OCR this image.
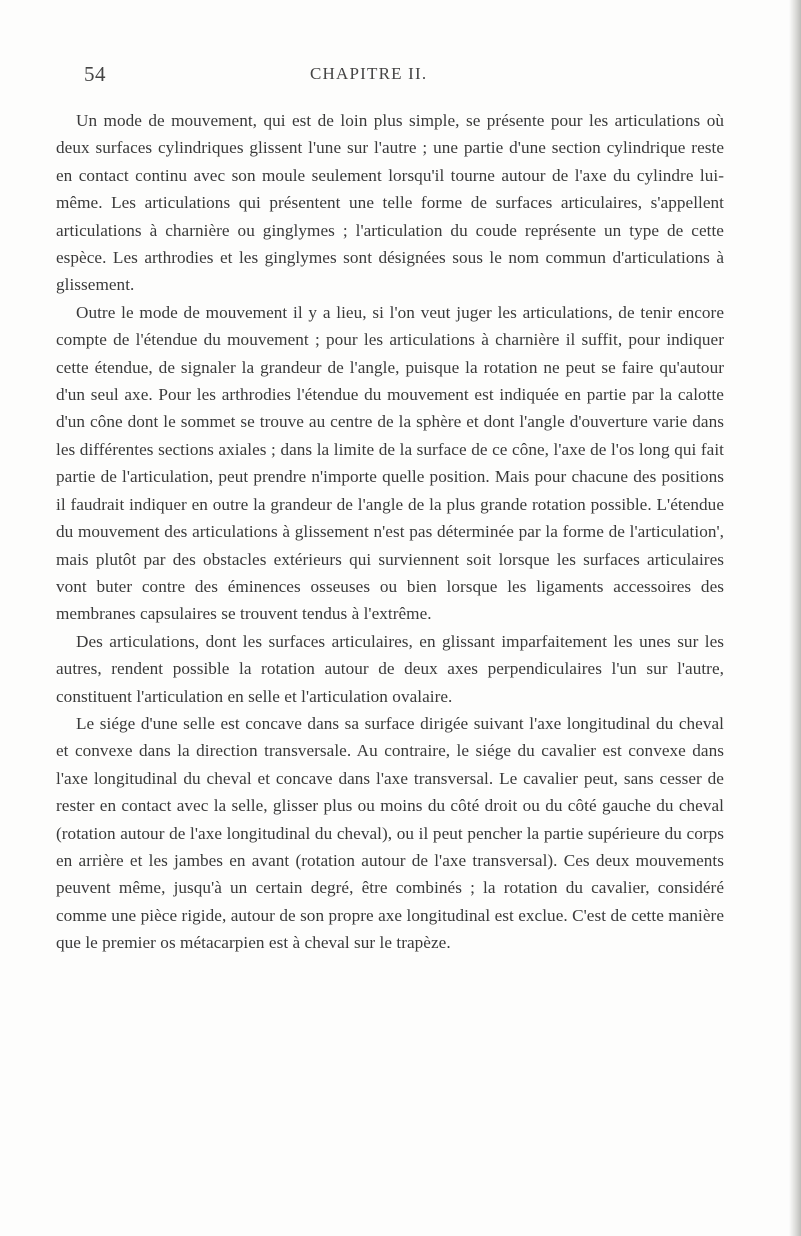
54	CHAPITRE II.

Un mode de mouvement, qui est de loin plus simple, se présente pour les articulations où deux surfaces cylindriques glissent l'une sur l'autre ; une partie d'une section cylindrique reste en contact continu avec son moule seulement lorsqu'il tourne autour de l'axe du cylindre lui-même. Les articulations qui présentent une telle forme de surfaces articulaires, s'appellent articulations à charnière ou ginglymes ; l'articulation du coude représente un type de cette espèce. Les arthrodies et les ginglymes sont désignées sous le nom commun d'articulations à glissement.

Outre le mode de mouvement il y a lieu, si l'on veut juger les articulations, de tenir encore compte de l'étendue du mouvement ; pour les articulations à charnière il suffit, pour indiquer cette étendue, de signaler la grandeur de l'angle, puisque la rotation ne peut se faire qu'autour d'un seul axe. Pour les arthrodies l'étendue du mouvement est indiquée en partie par la calotte d'un cône dont le sommet se trouve au centre de la sphère et dont l'angle d'ouverture varie dans les différentes sections axiales ; dans la limite de la surface de ce cône, l'axe de l'os long qui fait partie de l'articulation, peut prendre n'importe quelle position. Mais pour chacune des positions il faudrait indiquer en outre la grandeur de l'angle de la plus grande rotation possible. L'étendue du mouvement des articulations à glissement n'est pas déterminée par la forme de l'articulation', mais plutôt par des obstacles extérieurs qui surviennent soit lorsque les surfaces articulaires vont buter contre des éminences osseuses ou bien lorsque les ligaments accessoires des membranes capsulaires se trouvent tendus à l'extrême.

Des articulations, dont les surfaces articulaires, en glissant imparfaitement les unes sur les autres, rendent possible la rotation autour de deux axes perpendiculaires l'un sur l'autre, constituent l'articulation en selle et l'articulation ovalaire.

Le siége d'une selle est concave dans sa surface dirigée suivant l'axe longitudinal du cheval et convexe dans la direction transversale. Au contraire, le siége du cavalier est convexe dans l'axe longitudinal du cheval et concave dans l'axe transversal. Le cavalier peut, sans cesser de rester en contact avec la selle, glisser plus ou moins du côté droit ou du côté gauche du cheval (rotation autour de l'axe longitudinal du cheval), ou il peut pencher la partie supérieure du corps en arrière et les jambes en avant (rotation autour de l'axe transversal). Ces deux mouvements peuvent même, jusqu'à un certain degré, être combinés ; la rotation du cavalier, considéré comme une pièce rigide, autour de son propre axe longitudinal est exclue. C'est de cette manière que le premier os métacarpien est à cheval sur le trapèze.
